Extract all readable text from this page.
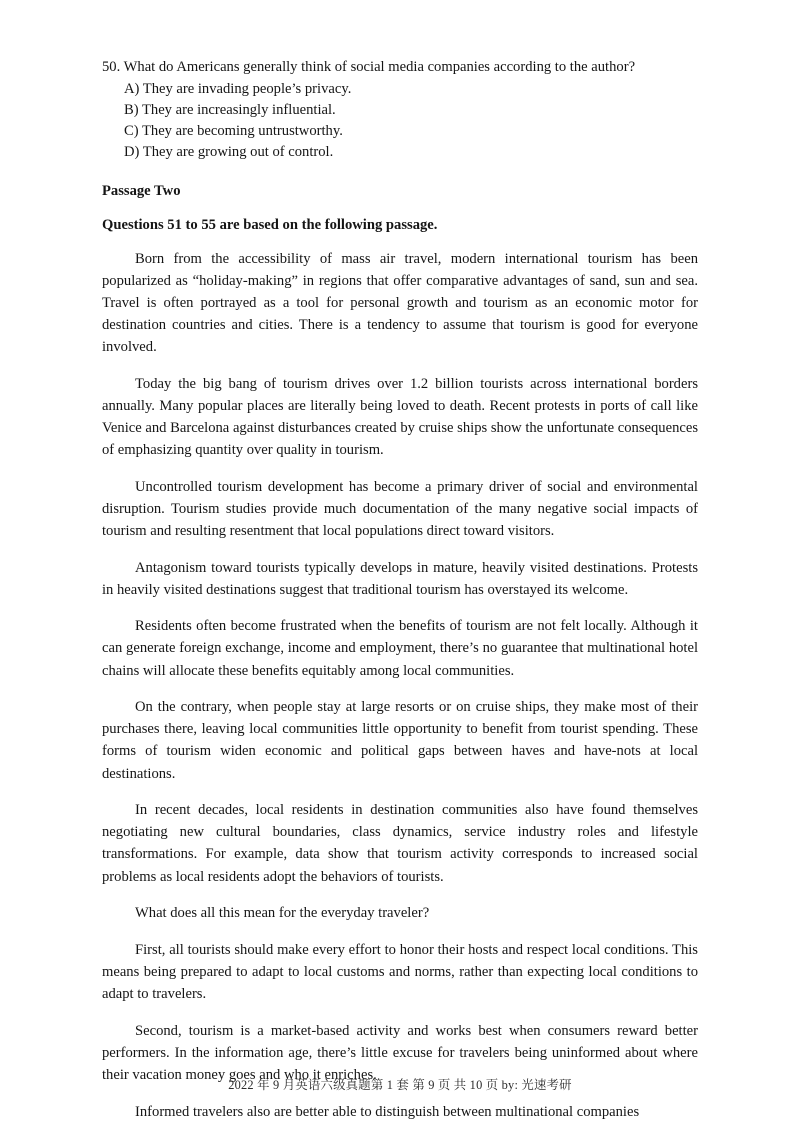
50. What do Americans generally think of social media companies according to the author?
A) They are invading people’s privacy.
B) They are increasingly influential.
C) They are becoming untrustworthy.
D) They are growing out of control.
Passage Two
Questions 51 to 55 are based on the following passage.

Born from the accessibility of mass air travel, modern international tourism has been popularized as “holiday-making” in regions that offer comparative advantages of sand, sun and sea. Travel is often portrayed as a tool for personal growth and tourism as an economic motor for destination countries and cities. There is a tendency to assume that tourism is good for everyone involved.

Today the big bang of tourism drives over 1.2 billion tourists across international borders annually. Many popular places are literally being loved to death. Recent protests in ports of call like Venice and Barcelona against disturbances created by cruise ships show the unfortunate consequences of emphasizing quantity over quality in tourism.

Uncontrolled tourism development has become a primary driver of social and environmental disruption. Tourism studies provide much documentation of the many negative social impacts of tourism and resulting resentment that local populations direct toward visitors.

Antagonism toward tourists typically develops in mature, heavily visited destinations. Protests in heavily visited destinations suggest that traditional tourism has overstayed its welcome.

Residents often become frustrated when the benefits of tourism are not felt locally. Although it can generate foreign exchange, income and employment, there’s no guarantee that multinational hotel chains will allocate these benefits equitably among local communities.

On the contrary, when people stay at large resorts or on cruise ships, they make most of their purchases there, leaving local communities little opportunity to benefit from tourist spending. These forms of tourism widen economic and political gaps between haves and have-nots at local destinations.

In recent decades, local residents in destination communities also have found themselves negotiating new cultural boundaries, class dynamics, service industry roles and lifestyle transformations. For example, data show that tourism activity corresponds to increased social problems as local residents adopt the behaviors of tourists.

What does all this mean for the everyday traveler?

First, all tourists should make every effort to honor their hosts and respect local conditions. This means being prepared to adapt to local customs and norms, rather than expecting local conditions to adapt to travelers.

Second, tourism is a market-based activity and works best when consumers reward better performers. In the information age, there’s little excuse for travelers being uninformed about where their vacation money goes and who it enriches.

Informed travelers also are better able to distinguish between multinational companies

2022 年 9 月英语六级真题第 1 套 第 9 页 共 10 页 by: 光速考研
